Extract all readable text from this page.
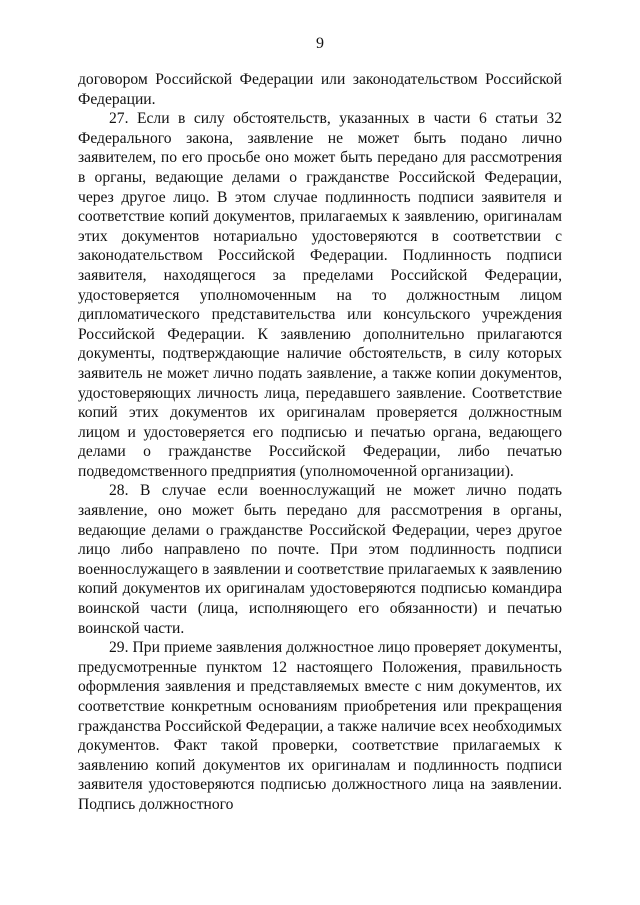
9

договором Российской Федерации или законодательством Российской Федерации.

27. Если в силу обстоятельств, указанных в части 6 статьи 32 Федерального закона, заявление не может быть подано лично заявителем, по его просьбе оно может быть передано для рассмотрения в органы, ведающие делами о гражданстве Российской Федерации, через другое лицо. В этом случае подлинность подписи заявителя и соответствие копий документов, прилагаемых к заявлению, оригиналам этих документов нотариально удостоверяются в соответствии с законодательством Российской Федерации. Подлинность подписи заявителя, находящегося за пределами Российской Федерации, удостоверяется уполномоченным на то должностным лицом дипломатического представительства или консульского учреждения Российской Федерации. К заявлению дополнительно прилагаются документы, подтверждающие наличие обстоятельств, в силу которых заявитель не может лично подать заявление, а также копии документов, удостоверяющих личность лица, передавшего заявление. Соответствие копий этих документов их оригиналам проверяется должностным лицом и удостоверяется его подписью и печатью органа, ведающего делами о гражданстве Российской Федерации, либо печатью подведомственного предприятия (уполномоченной организации).

28. В случае если военнослужащий не может лично подать заявление, оно может быть передано для рассмотрения в органы, ведающие делами о гражданстве Российской Федерации, через другое лицо либо направлено по почте. При этом подлинность подписи военнослужащего в заявлении и соответствие прилагаемых к заявлению копий документов их оригиналам удостоверяются подписью командира воинской части (лица, исполняющего его обязанности) и печатью воинской части.

29. При приеме заявления должностное лицо проверяет документы, предусмотренные пунктом 12 настоящего Положения, правильность оформления заявления и представляемых вместе с ним документов, их соответствие конкретным основаниям приобретения или прекращения гражданства Российской Федерации, а также наличие всех необходимых документов. Факт такой проверки, соответствие прилагаемых к заявлению копий документов их оригиналам и подлинность подписи заявителя удостоверяются подписью должностного лица на заявлении. Подпись должностного
